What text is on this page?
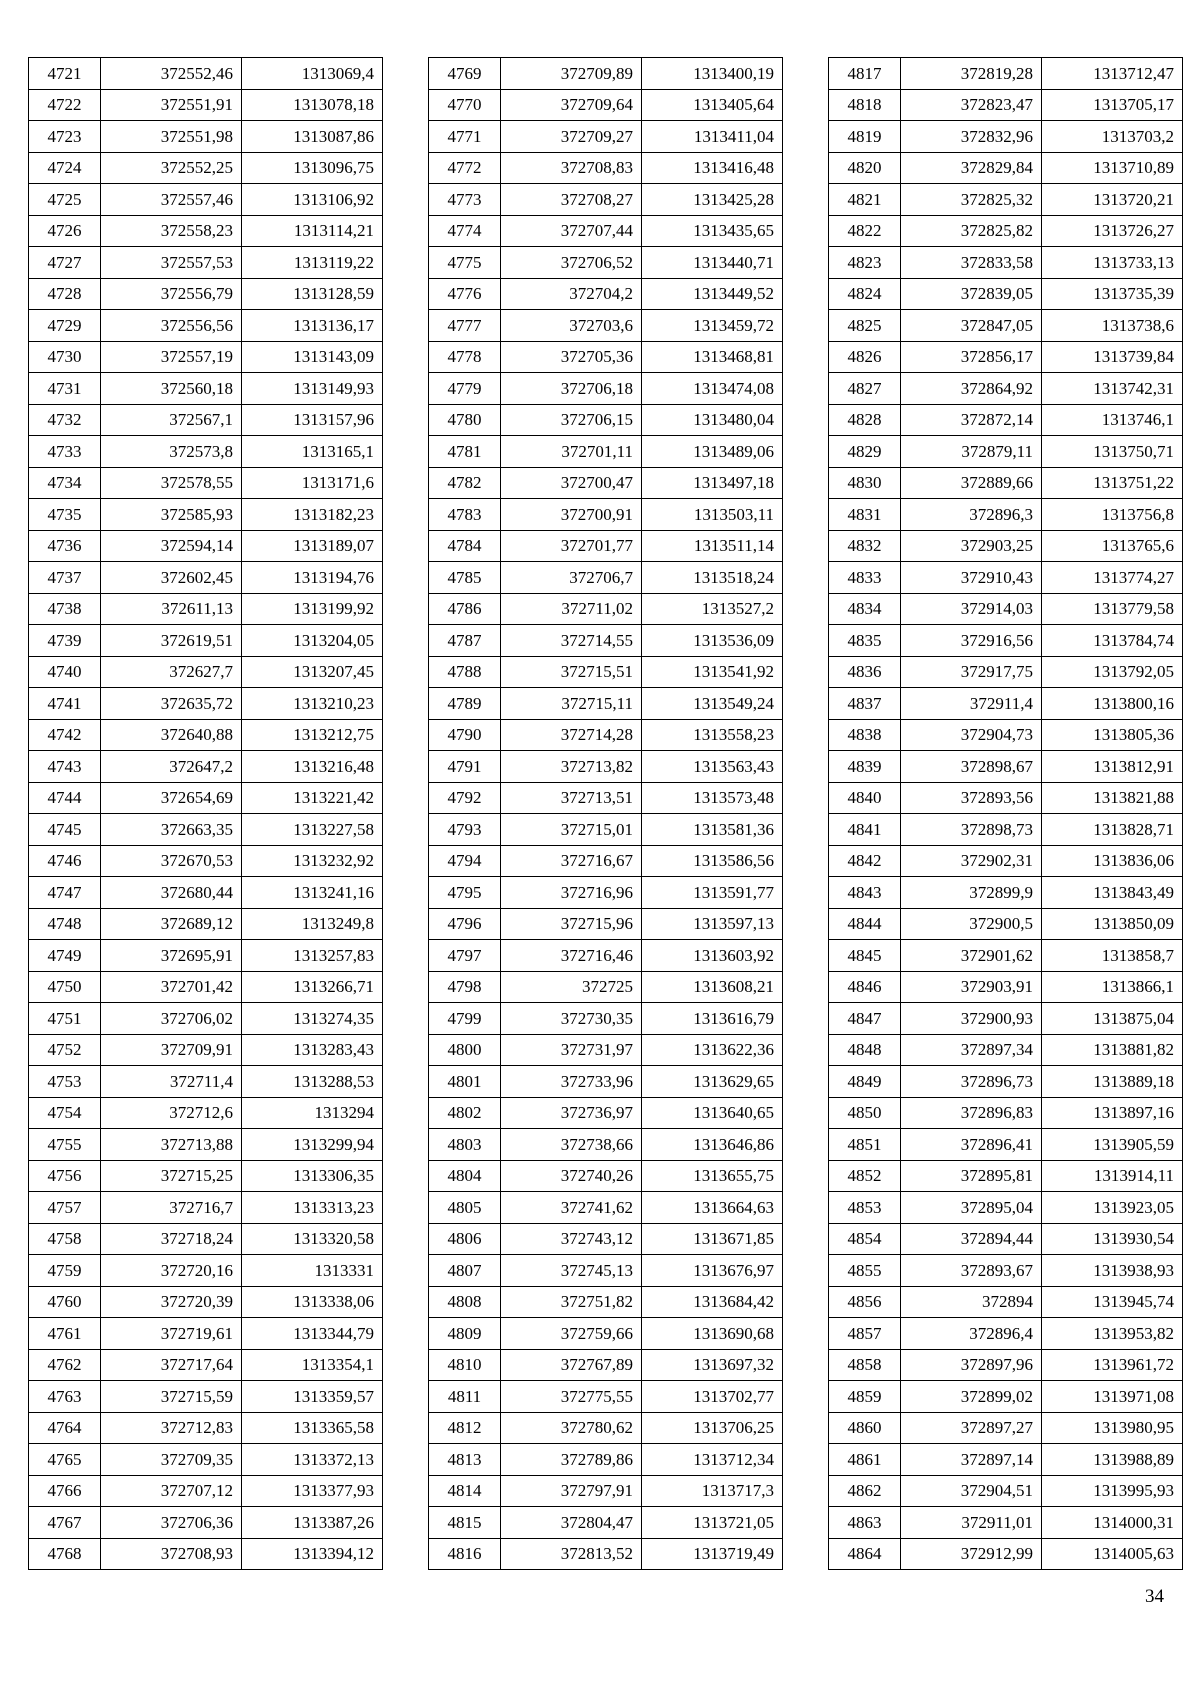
4721	372552,46	1313069,4
4722	372551,91	1313078,18
4723	372551,98	1313087,86
4724	372552,25	1313096,75
4725	372557,46	1313106,92
4726	372558,23	1313114,21
4727	372557,53	1313119,22
4728	372556,79	1313128,59
4729	372556,56	1313136,17
4730	372557,19	1313143,09
4731	372560,18	1313149,93
4732	372567,1	1313157,96
4733	372573,8	1313165,1
4734	372578,55	1313171,6
4735	372585,93	1313182,23
4736	372594,14	1313189,07
4737	372602,45	1313194,76
4738	372611,13	1313199,92
4739	372619,51	1313204,05
4740	372627,7	1313207,45
4741	372635,72	1313210,23
4742	372640,88	1313212,75
4743	372647,2	1313216,48
4744	372654,69	1313221,42
4745	372663,35	1313227,58
4746	372670,53	1313232,92
4747	372680,44	1313241,16
4748	372689,12	1313249,8
4749	372695,91	1313257,83
4750	372701,42	1313266,71
4751	372706,02	1313274,35
4752	372709,91	1313283,43
4753	372711,4	1313288,53
4754	372712,6	1313294
4755	372713,88	1313299,94
4756	372715,25	1313306,35
4757	372716,7	1313313,23
4758	372718,24	1313320,58
4759	372720,16	1313331
4760	372720,39	1313338,06
4761	372719,61	1313344,79
4762	372717,64	1313354,1
4763	372715,59	1313359,57
4764	372712,83	1313365,58
4765	372709,35	1313372,13
4766	372707,12	1313377,93
4767	372706,36	1313387,26
4768	372708,93	1313394,12
4769	372709,89	1313400,19
4770	372709,64	1313405,64
4771	372709,27	1313411,04
4772	372708,83	1313416,48
4773	372708,27	1313425,28
4774	372707,44	1313435,65
4775	372706,52	1313440,71
4776	372704,2	1313449,52
4777	372703,6	1313459,72
4778	372705,36	1313468,81
4779	372706,18	1313474,08
4780	372706,15	1313480,04
4781	372701,11	1313489,06
4782	372700,47	1313497,18
4783	372700,91	1313503,11
4784	372701,77	1313511,14
4785	372706,7	1313518,24
4786	372711,02	1313527,2
4787	372714,55	1313536,09
4788	372715,51	1313541,92
4789	372715,11	1313549,24
4790	372714,28	1313558,23
4791	372713,82	1313563,43
4792	372713,51	1313573,48
4793	372715,01	1313581,36
4794	372716,67	1313586,56
4795	372716,96	1313591,77
4796	372715,96	1313597,13
4797	372716,46	1313603,92
4798	372725	1313608,21
4799	372730,35	1313616,79
4800	372731,97	1313622,36
4801	372733,96	1313629,65
4802	372736,97	1313640,65
4803	372738,66	1313646,86
4804	372740,26	1313655,75
4805	372741,62	1313664,63
4806	372743,12	1313671,85
4807	372745,13	1313676,97
4808	372751,82	1313684,42
4809	372759,66	1313690,68
4810	372767,89	1313697,32
4811	372775,55	1313702,77
4812	372780,62	1313706,25
4813	372789,86	1313712,34
4814	372797,91	1313717,3
4815	372804,47	1313721,05
4816	372813,52	1313719,49
4817	372819,28	1313712,47
4818	372823,47	1313705,17
4819	372832,96	1313703,2
4820	372829,84	1313710,89
4821	372825,32	1313720,21
4822	372825,82	1313726,27
4823	372833,58	1313733,13
4824	372839,05	1313735,39
4825	372847,05	1313738,6
4826	372856,17	1313739,84
4827	372864,92	1313742,31
4828	372872,14	1313746,1
4829	372879,11	1313750,71
4830	372889,66	1313751,22
4831	372896,3	1313756,8
4832	372903,25	1313765,6
4833	372910,43	1313774,27
4834	372914,03	1313779,58
4835	372916,56	1313784,74
4836	372917,75	1313792,05
4837	372911,4	1313800,16
4838	372904,73	1313805,36
4839	372898,67	1313812,91
4840	372893,56	1313821,88
4841	372898,73	1313828,71
4842	372902,31	1313836,06
4843	372899,9	1313843,49
4844	372900,5	1313850,09
4845	372901,62	1313858,7
4846	372903,91	1313866,1
4847	372900,93	1313875,04
4848	372897,34	1313881,82
4849	372896,73	1313889,18
4850	372896,83	1313897,16
4851	372896,41	1313905,59
4852	372895,81	1313914,11
4853	372895,04	1313923,05
4854	372894,44	1313930,54
4855	372893,67	1313938,93
4856	372894	1313945,74
4857	372896,4	1313953,82
4858	372897,96	1313961,72
4859	372899,02	1313971,08
4860	372897,27	1313980,95
4861	372897,14	1313988,89
4862	372904,51	1313995,93
4863	372911,01	1314000,31
4864	372912,99	1314005,63
34
